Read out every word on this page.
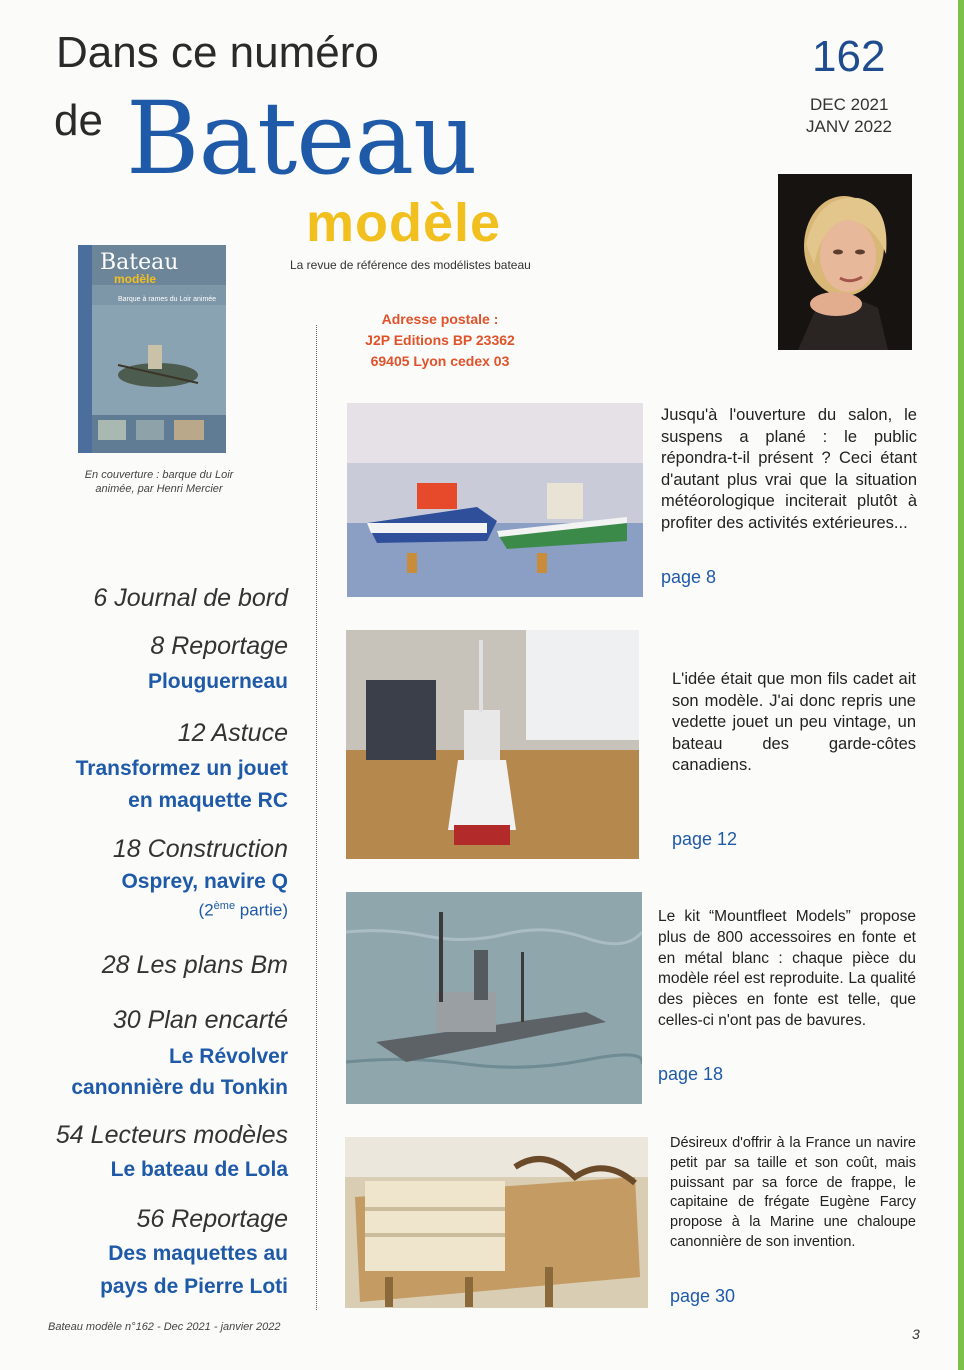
Dans ce numéro
de Bateau
modèle
La revue de référence des modélistes bateau
162
DEC 2021
JANV 2022
Bateau
modèle
Barque à rames du Loir animée
En couverture : barque du Loir animée, par Henri Mercier
Adresse postale :
J2P Editions BP 23362
69405 Lyon cedex 03
6 Journal de bord
8 Reportage
Plouguerneau
12 Astuce
Transformez un jouet
en maquette RC
18 Construction
Osprey, navire Q
(2ème partie)
28 Les plans Bm
30 Plan encarté
Le Révolver
canonnière du Tonkin
54 Lecteurs modèles
Le bateau de Lola
56 Reportage
Des maquettes au
pays de Pierre Loti
Jusqu'à l'ouverture du salon, le suspens a plané : le public répondra-t-il présent ? Ceci étant d'autant plus vrai que la situation météorologique inciterait plutôt à profiter des activités extérieures...
page 8
L'idée était que mon fils cadet ait son modèle. J'ai donc repris une vedette jouet un peu vintage, un bateau des garde-côtes canadiens.
page 12
Le kit “Mountfleet Models” propose plus de 800 accessoires en fonte et en métal blanc : chaque pièce du modèle réel est reproduite. La qualité des pièces en fonte est telle, que celles-ci n'ont pas de bavures.
page 18
Désireux d'offrir à la France un navire petit par sa taille et son coût, mais puissant par sa force de frappe, le capitaine de frégate Eugène Farcy propose à la Marine une chaloupe canonnière de son invention.
page 30
Bateau modèle n°162 - Dec 2021 - janvier 2022	3
